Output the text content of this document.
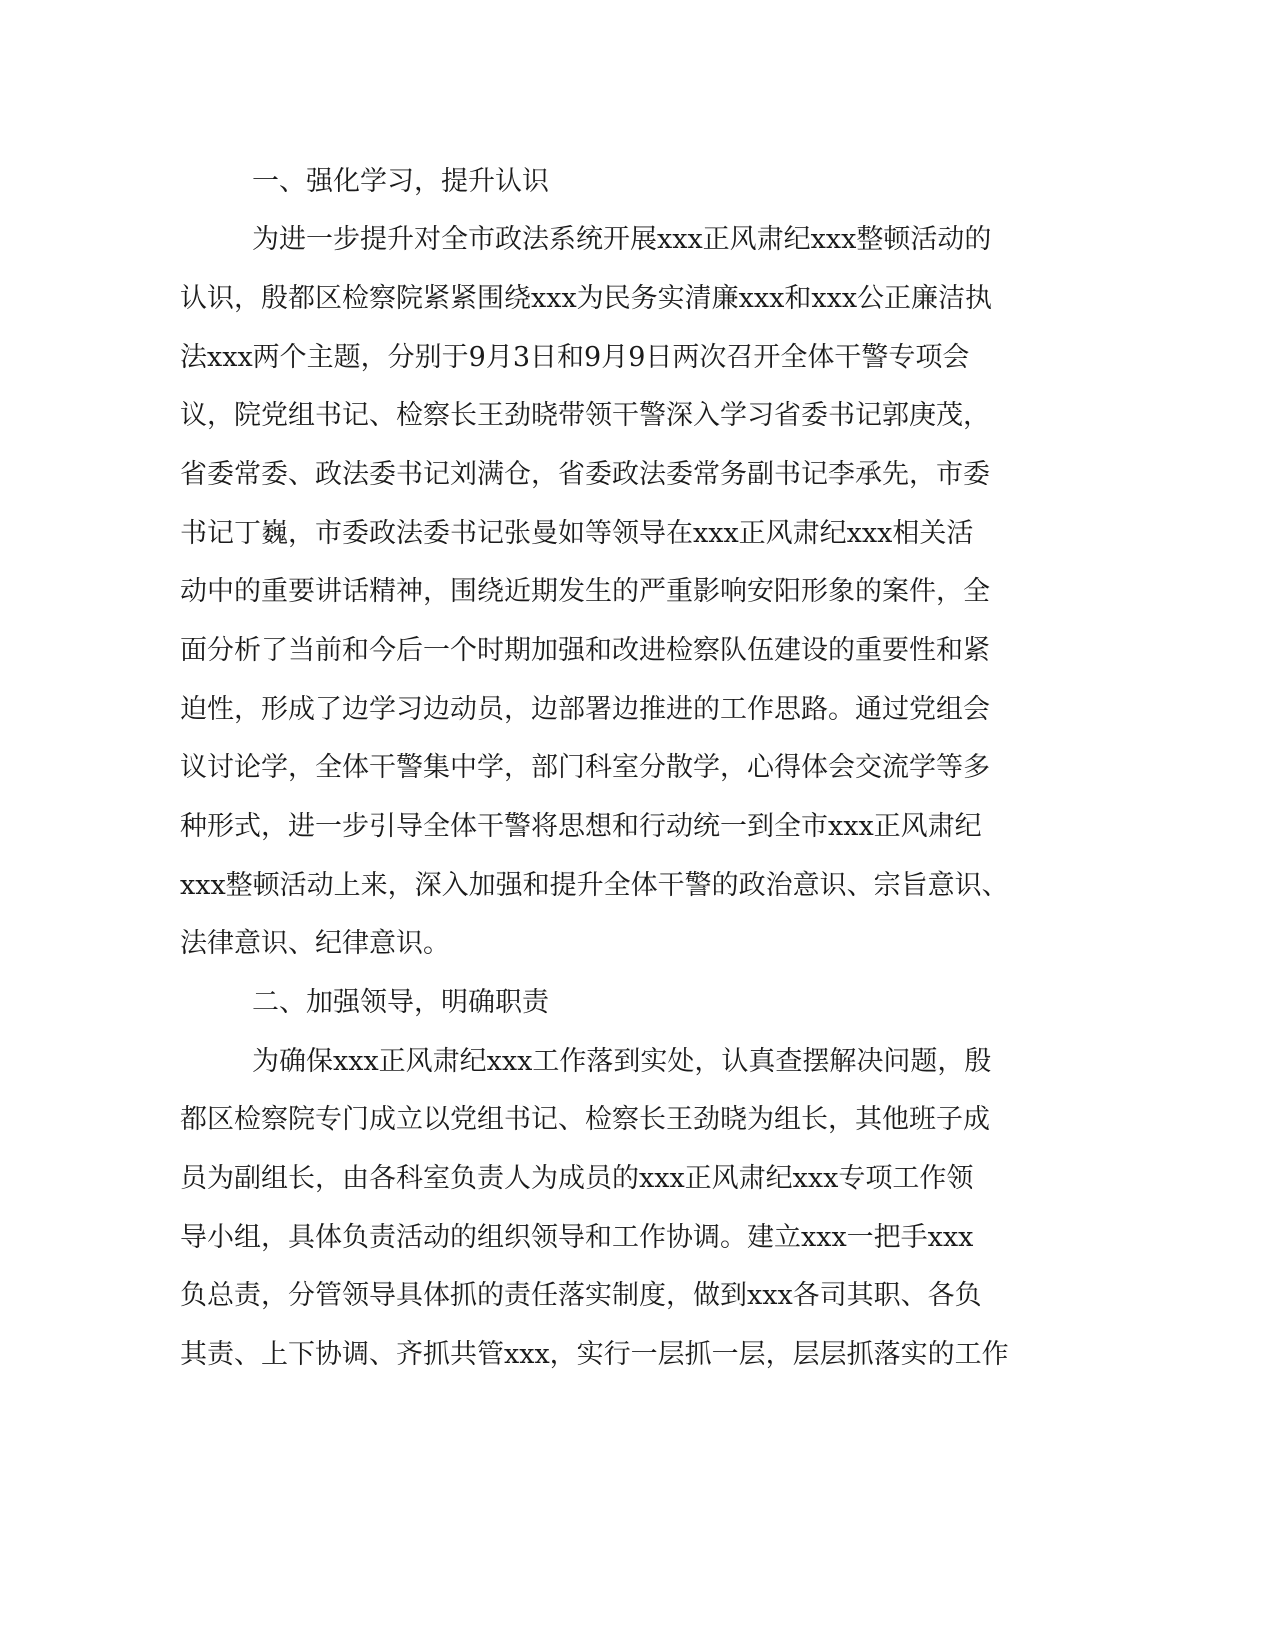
一、强化学习，提升认识
为进一步提升对全市政法系统开展xxx正风肃纪xxx整顿活动的
认识，殷都区检察院紧紧围绕xxx为民务实清廉xxx和xxx公正廉洁执
法xxx两个主题，分别于9月3日和9月9日两次召开全体干警专项会
议，院党组书记、检察长王劲晓带领干警深入学习省委书记郭庚茂，
省委常委、政法委书记刘满仓，省委政法委常务副书记李承先，市委
书记丁巍，市委政法委书记张曼如等领导在xxx正风肃纪xxx相关活
动中的重要讲话精神，围绕近期发生的严重影响安阳形象的案件，全
面分析了当前和今后一个时期加强和改进检察队伍建设的重要性和紧
迫性，形成了边学习边动员，边部署边推进的工作思路。通过党组会
议讨论学，全体干警集中学，部门科室分散学，心得体会交流学等多
种形式，进一步引导全体干警将思想和行动统一到全市xxx正风肃纪
xxx整顿活动上来，深入加强和提升全体干警的政治意识、宗旨意识、
法律意识、纪律意识。
二、加强领导，明确职责
为确保xxx正风肃纪xxx工作落到实处，认真查摆解决问题，殷
都区检察院专门成立以党组书记、检察长王劲晓为组长，其他班子成
员为副组长，由各科室负责人为成员的xxx正风肃纪xxx专项工作领
导小组，具体负责活动的组织领导和工作协调。建立xxx一把手xxx
负总责，分管领导具体抓的责任落实制度，做到xxx各司其职、各负
其责、上下协调、齐抓共管xxx，实行一层抓一层，层层抓落实的工作
